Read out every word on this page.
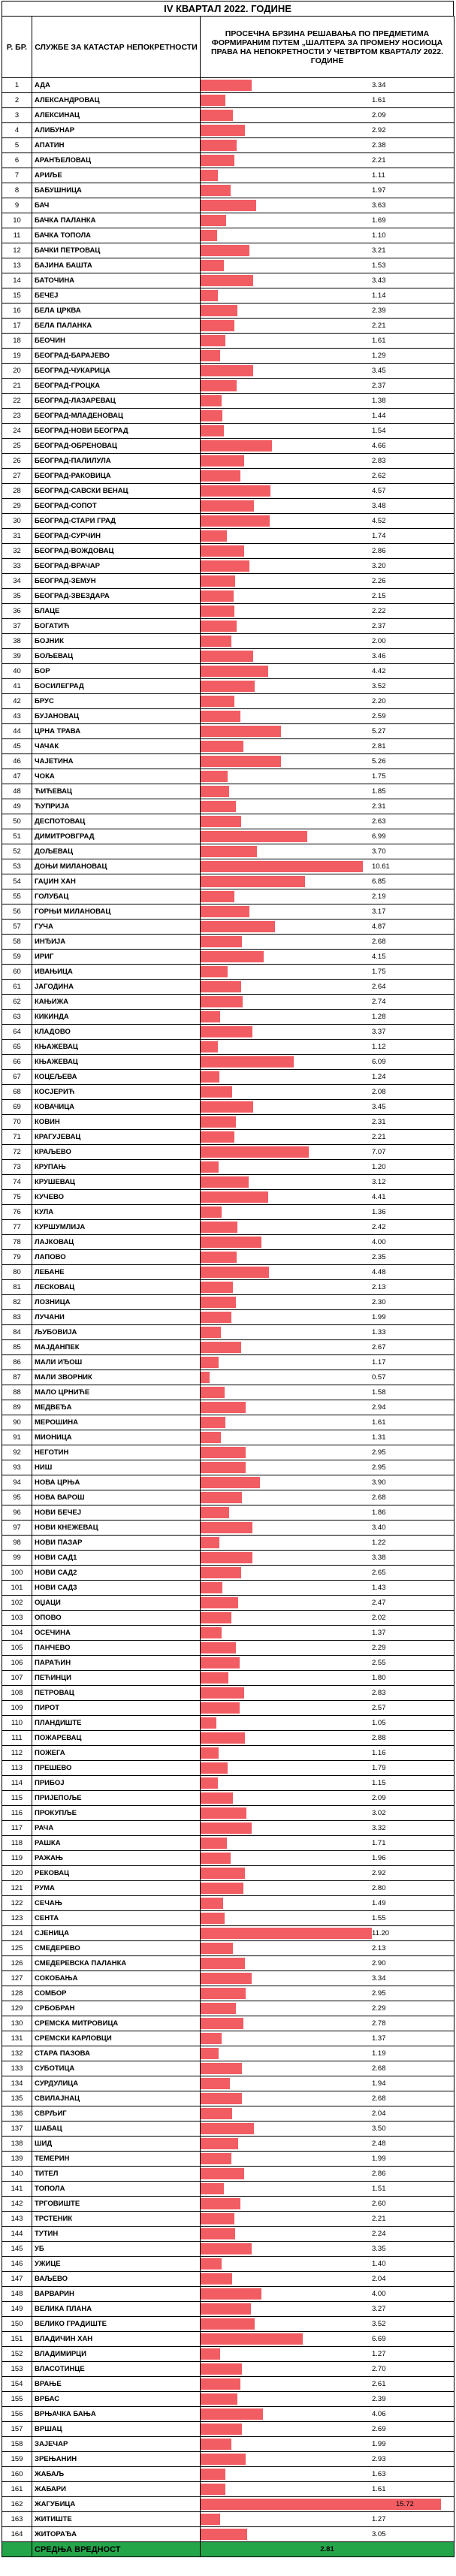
IV КВАРТАЛ 2022. ГОДИНЕ
Р. БР.	СЛУЖБЕ ЗА КАТАСТАР НЕПОКРЕТНОСТИ	ПРОСЕЧНА БРЗИНА РЕШАВАЊА ПО ПРЕДМЕТИМА ФОРМИРАНИМ ПУТЕМ „ШАЛТЕРА ЗА ПРОМЕНУ НОСИОЦА ПРАВА НА НЕПОКРЕТНОСТИ У ЧЕТВРТОМ КВАРТАЛУ 2022. ГОДИНЕ
1	АДА	3.34

2	АЛЕКСАНДРОВАЦ	1.61

3	АЛЕКСИНАЦ	2.09

4	АЛИБУНАР	2.92

5	АПАТИН	2.38

6	АРАНЂЕЛОВАЦ	2.21

7	АРИЉЕ	1.11

8	БАБУШНИЦА	1.97

9	БАЧ	3.63

10	БАЧКА ПАЛАНКА	1.69

11	БАЧКА ТОПОЛА	1.10

12	БАЧКИ ПЕТРОВАЦ	3.21

13	БАЈИНА БАШТА	1.53

14	БАТОЧИНА	3.43

15	БЕЧЕЈ	1.14

16	БЕЛА ЦРКВА	2.39

17	БЕЛА ПАЛАНКА	2.21

18	БЕОЧИН	1.61

19	БЕОГРАД-БАРАЈЕВО	1.29

20	БЕОГРАД-ЧУКАРИЦА	3.45

21	БЕОГРАД-ГРОЦКА	2.37

22	БЕОГРАД-ЛАЗАРЕВАЦ	1.38

23	БЕОГРАД-МЛАДЕНОВАЦ	1.44

24	БЕОГРАД-НОВИ БЕОГРАД	1.54

25	БЕОГРАД-ОБРЕНОВАЦ	4.66

26	БЕОГРАД-ПАЛИЛУЛА	2.83

27	БЕОГРАД-РАКОВИЦА	2.62

28	БЕОГРАД-САВСКИ ВЕНАЦ	4.57

29	БЕОГРАД-СОПОТ	3.48

30	БЕОГРАД-СТАРИ ГРАД	4.52

31	БЕОГРАД-СУРЧИН	1.74

32	БЕОГРАД-ВОЖДОВАЦ	2.86

33	БЕОГРАД-ВРАЧАР	3.20

34	БЕОГРАД-ЗЕМУН	2.26

35	БЕОГРАД-ЗВЕЗДАРА	2.15

36	БЛАЦЕ	2.22

37	БОГАТИЋ	2.37

38	БОЈНИК	2.00

39	БОЉЕВАЦ	3.46

40	БОР	4.42

41	БОСИЛЕГРАД	3.52

42	БРУС	2.20

43	БУЈАНОВАЦ	2.59

44	ЦРНА ТРАВА	5.27

45	ЧАЧАК	2.81

46	ЧАЈЕТИНА	5.26

47	ЧОКА	1.75

48	ЋИЋЕВАЦ	1.85

49	ЋУПРИЈА	2.31

50	ДЕСПОТОВАЦ	2.63

51	ДИМИТРОВГРАД	6.99

52	ДОЉЕВАЦ	3.70

53	ДОЊИ МИЛАНОВАЦ	10.61

54	ГАЏИН ХАН	6.85

55	ГОЛУБАЦ	2.19

56	ГОРЊИ МИЛАНОВАЦ	3.17

57	ГУЧА	4.87

58	ИНЂИЈА	2.68

59	ИРИГ	4.15

60	ИВАЊИЦА	1.75

61	ЈАГОДИНА	2.64

62	КАЊИЖА	2.74

63	КИКИНДА	1.28

64	КЛАДОВО	3.37

65	КЊАЖЕВАЦ	1.12

66	КЊАЖЕВАЦ	6.09

67	КОЦЕЉЕВА	1.24

68	КОСЈЕРИЋ	2.08

69	КОВАЧИЦА	3.45

70	КОВИН	2.31

71	КРАГУЈЕВАЦ	2.21

72	КРАЉЕВО	7.07

73	КРУПАЊ	1.20

74	КРУШЕВАЦ	3.12

75	КУЧЕВО	4.41

76	КУЛА	1.36

77	КУРШУМЛИЈА	2.42

78	ЛАЈКОВАЦ	4.00

79	ЛАПОВО	2.35

80	ЛЕБАНЕ	4.48

81	ЛЕСКОВАЦ	2.13

82	ЛОЗНИЦА	2.30

83	ЛУЧАНИ	1.99

84	ЉУБОВИЈА	1.33

85	МАЈДАНПЕК	2.67

86	МАЛИ ИЂОШ	1.17

87	МАЛИ ЗВОРНИК	0.57

88	МАЛО ЦРНИЋЕ	1.58

89	МЕДВЕЂА	2.94

90	МЕРОШИНА	1.61

91	МИОНИЦА	1.31

92	НЕГОТИН	2.95

93	НИШ	2.95

94	НОВА ЦРЊА	3.90

95	НОВА ВАРОШ	2.68

96	НОВИ БЕЧЕЈ	1.86

97	НОВИ КНЕЖЕВАЦ	3.40

98	НОВИ ПАЗАР	1.22

99	НОВИ САД1	3.38

100	НОВИ САД2	2.65

101	НОВИ САД3	1.43

102	ОЏАЦИ	2.47

103	ОПОВО	2.02

104	ОСЕЧИНА	1.37

105	ПАНЧЕВО	2.29

106	ПАРАЋИН	2.55

107	ПЕЋИНЦИ	1.80

108	ПЕТРОВАЦ	2.83

109	ПИРОТ	2.57

110	ПЛАНДИШТЕ	1.05

111	ПОЖАРЕВАЦ	2.88

112	ПОЖЕГА	1.16

113	ПРЕШЕВО	1.79

114	ПРИБОЈ	1.15

115	ПРИЈЕПОЉЕ	2.09

116	ПРОКУПЉЕ	3.02

117	РАЧА	3.32

118	РАШКА	1.71

119	РАЖАЊ	1.96

120	РЕКОВАЦ	2.92

121	РУМА	2.80

122	СЕЧАЊ	1.49

123	СЕНТА	1.55

124	СЈЕНИЦА	11.20

125	СМЕДЕРЕВО	2.13

126	СМЕДЕРЕВСКА ПАЛАНКА	2.90

127	СОКОБАЊА	3.34

128	СОМБОР	2.95

129	СРБОБРАН	2.29

130	СРЕМСКА МИТРОВИЦА	2.78

131	СРЕМСКИ КАРЛОВЦИ	1.37

132	СТАРА ПАЗОВА	1.19

133	СУБОТИЦА	2.68

134	СУРДУЛИЦА	1.94

135	СВИЛАЈНАЦ	2.68

136	СВРЉИГ	2.04

137	ШАБАЦ	3.50

138	ШИД	2.48

139	ТЕМЕРИН	1.99

140	ТИТЕЛ	2.86

141	ТОПОЛА	1.51

142	ТРГОВИШТЕ	2.60

143	ТРСТЕНИК	2.21

144	ТУТИН	2.24

145	УБ	3.35

146	УЖИЦЕ	1.40

147	ВАЉЕВО	2.04

148	ВАРВАРИН	4.00

149	ВЕЛИКА ПЛАНА	3.27

150	ВЕЛИКО ГРАДИШТЕ	3.52

151	ВЛАДИЧИН ХАН	6.69

152	ВЛАДИМИРЦИ	1.27

153	ВЛАСОТИНЦЕ	2.70

154	ВРАЊЕ	2.61

155	ВРБАС	2.39

156	ВРЊАЧКА БАЊА	4.06

157	ВРШАЦ	2.69

158	ЗАЈЕЧАР	1.99

159	ЗРЕЊАНИН	2.93

160	ЖАБАЉ	1.63

161	ЖАБАРИ	1.61

162	ЖАГУБИЦА	15.72

163	ЖИТИШТЕ	1.27

164	ЖИТОРАЂА	3.05

	СРЕДЊА ВРЕДНОСТ	2.81
